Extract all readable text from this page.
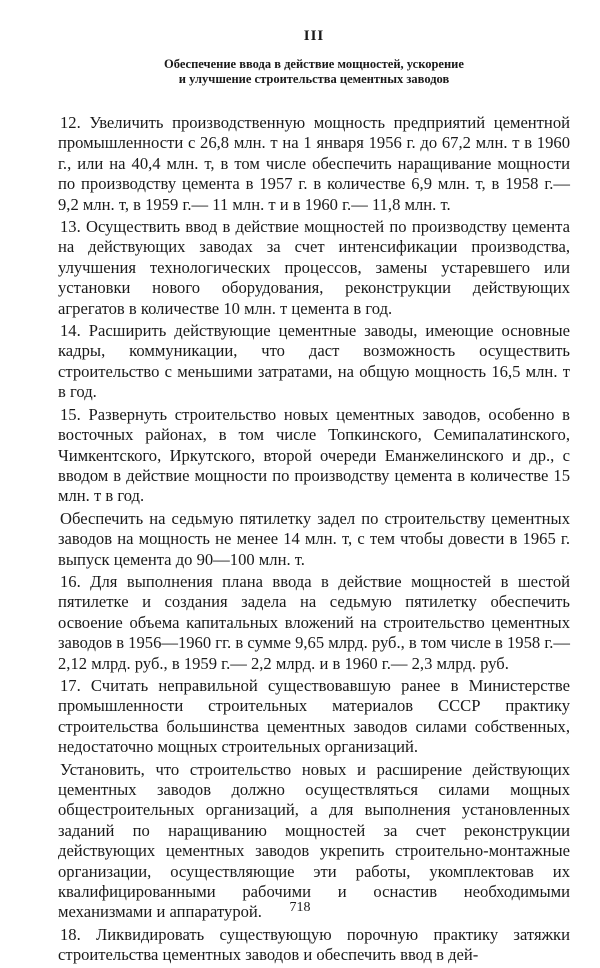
III
Обеспечение ввода в действие мощностей, ускорение
и улучшение строительства цементных заводов

12. Увеличить производственную мощность предприятий цементной промышленности с 26,8 млн. т на 1 января 1956 г. до 67,2 млн. т в 1960 г., или на 40,4 млн. т, в том числе обеспечить наращивание мощности по производству цемента в 1957 г. в количестве 6,9 млн. т, в 1958 г.— 9,2 млн. т, в 1959 г.— 11 млн. т и в 1960 г.— 11,8 млн. т.

13. Осуществить ввод в действие мощностей по производству цемента на действующих заводах за счет интенсификации производства, улучшения технологических процессов, замены устаревшего или установки нового оборудования, реконструкции действующих агрегатов в количестве 10 млн. т цемента в год.

14. Расширить действующие цементные заводы, имеющие основные кадры, коммуникации, что даст возможность осуществить строительство с меньшими затратами, на общую мощность 16,5 млн. т в год.

15. Развернуть строительство новых цементных заводов, особенно в восточных районах, в том числе Топкинского, Семипалатинского, Чимкентского, Иркутского, второй очереди Еманжелинского и др., с вводом в действие мощности по производству цемента в количестве 15 млн. т в год.

Обеспечить на седьмую пятилетку задел по строительству цементных заводов на мощность не менее 14 млн. т, с тем чтобы довести в 1965 г. выпуск цемента до 90—100 млн. т.

16. Для выполнения плана ввода в действие мощностей в шестой пятилетке и создания задела на седьмую пятилетку обеспечить освоение объема капитальных вложений на строительство цементных заводов в 1956—1960 гг. в сумме 9,65 млрд. руб., в том числе в 1958 г.— 2,12 млрд. руб., в 1959 г.— 2,2 млрд. и в 1960 г.— 2,3 млрд. руб.

17. Считать неправильной существовавшую ранее в Министерстве промышленности строительных материалов СССР практику строительства большинства цементных заводов силами собственных, недостаточно мощных строительных организаций.

Установить, что строительство новых и расширение действующих цементных заводов должно осуществляться силами мощных общестроительных организаций, а для выполнения установленных заданий по наращиванию мощностей за счет реконструкции действующих цементных заводов укрепить строительно-монтажные организации, осуществляющие эти работы, укомплектовав их квалифицированными рабочими и оснастив необходимыми механизмами и аппаратурой.

18. Ликвидировать существующую порочную практику затяжки строительства цементных заводов и обеспечить ввод в дей-

718
